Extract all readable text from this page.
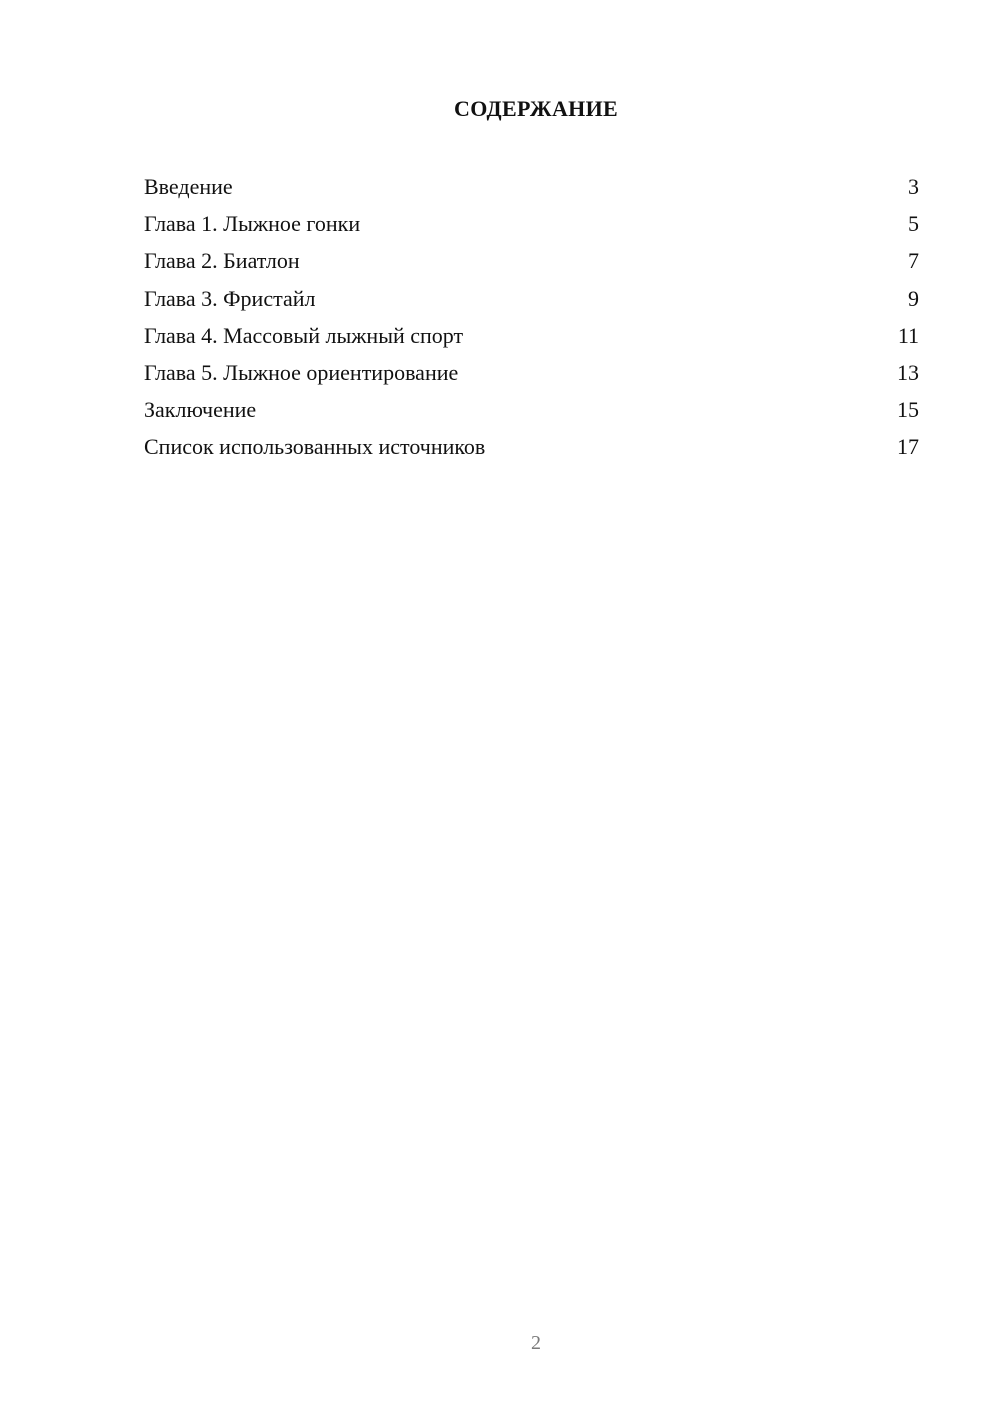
СОДЕРЖАНИЕ
Введение	3
Глава 1. Лыжное гонки	5
Глава 2. Биатлон	7
Глава 3. Фристайл	9
Глава 4. Массовый лыжный спорт	11
Глава 5. Лыжное ориентирование	13
Заключение	15
Список использованных источников	17
2
